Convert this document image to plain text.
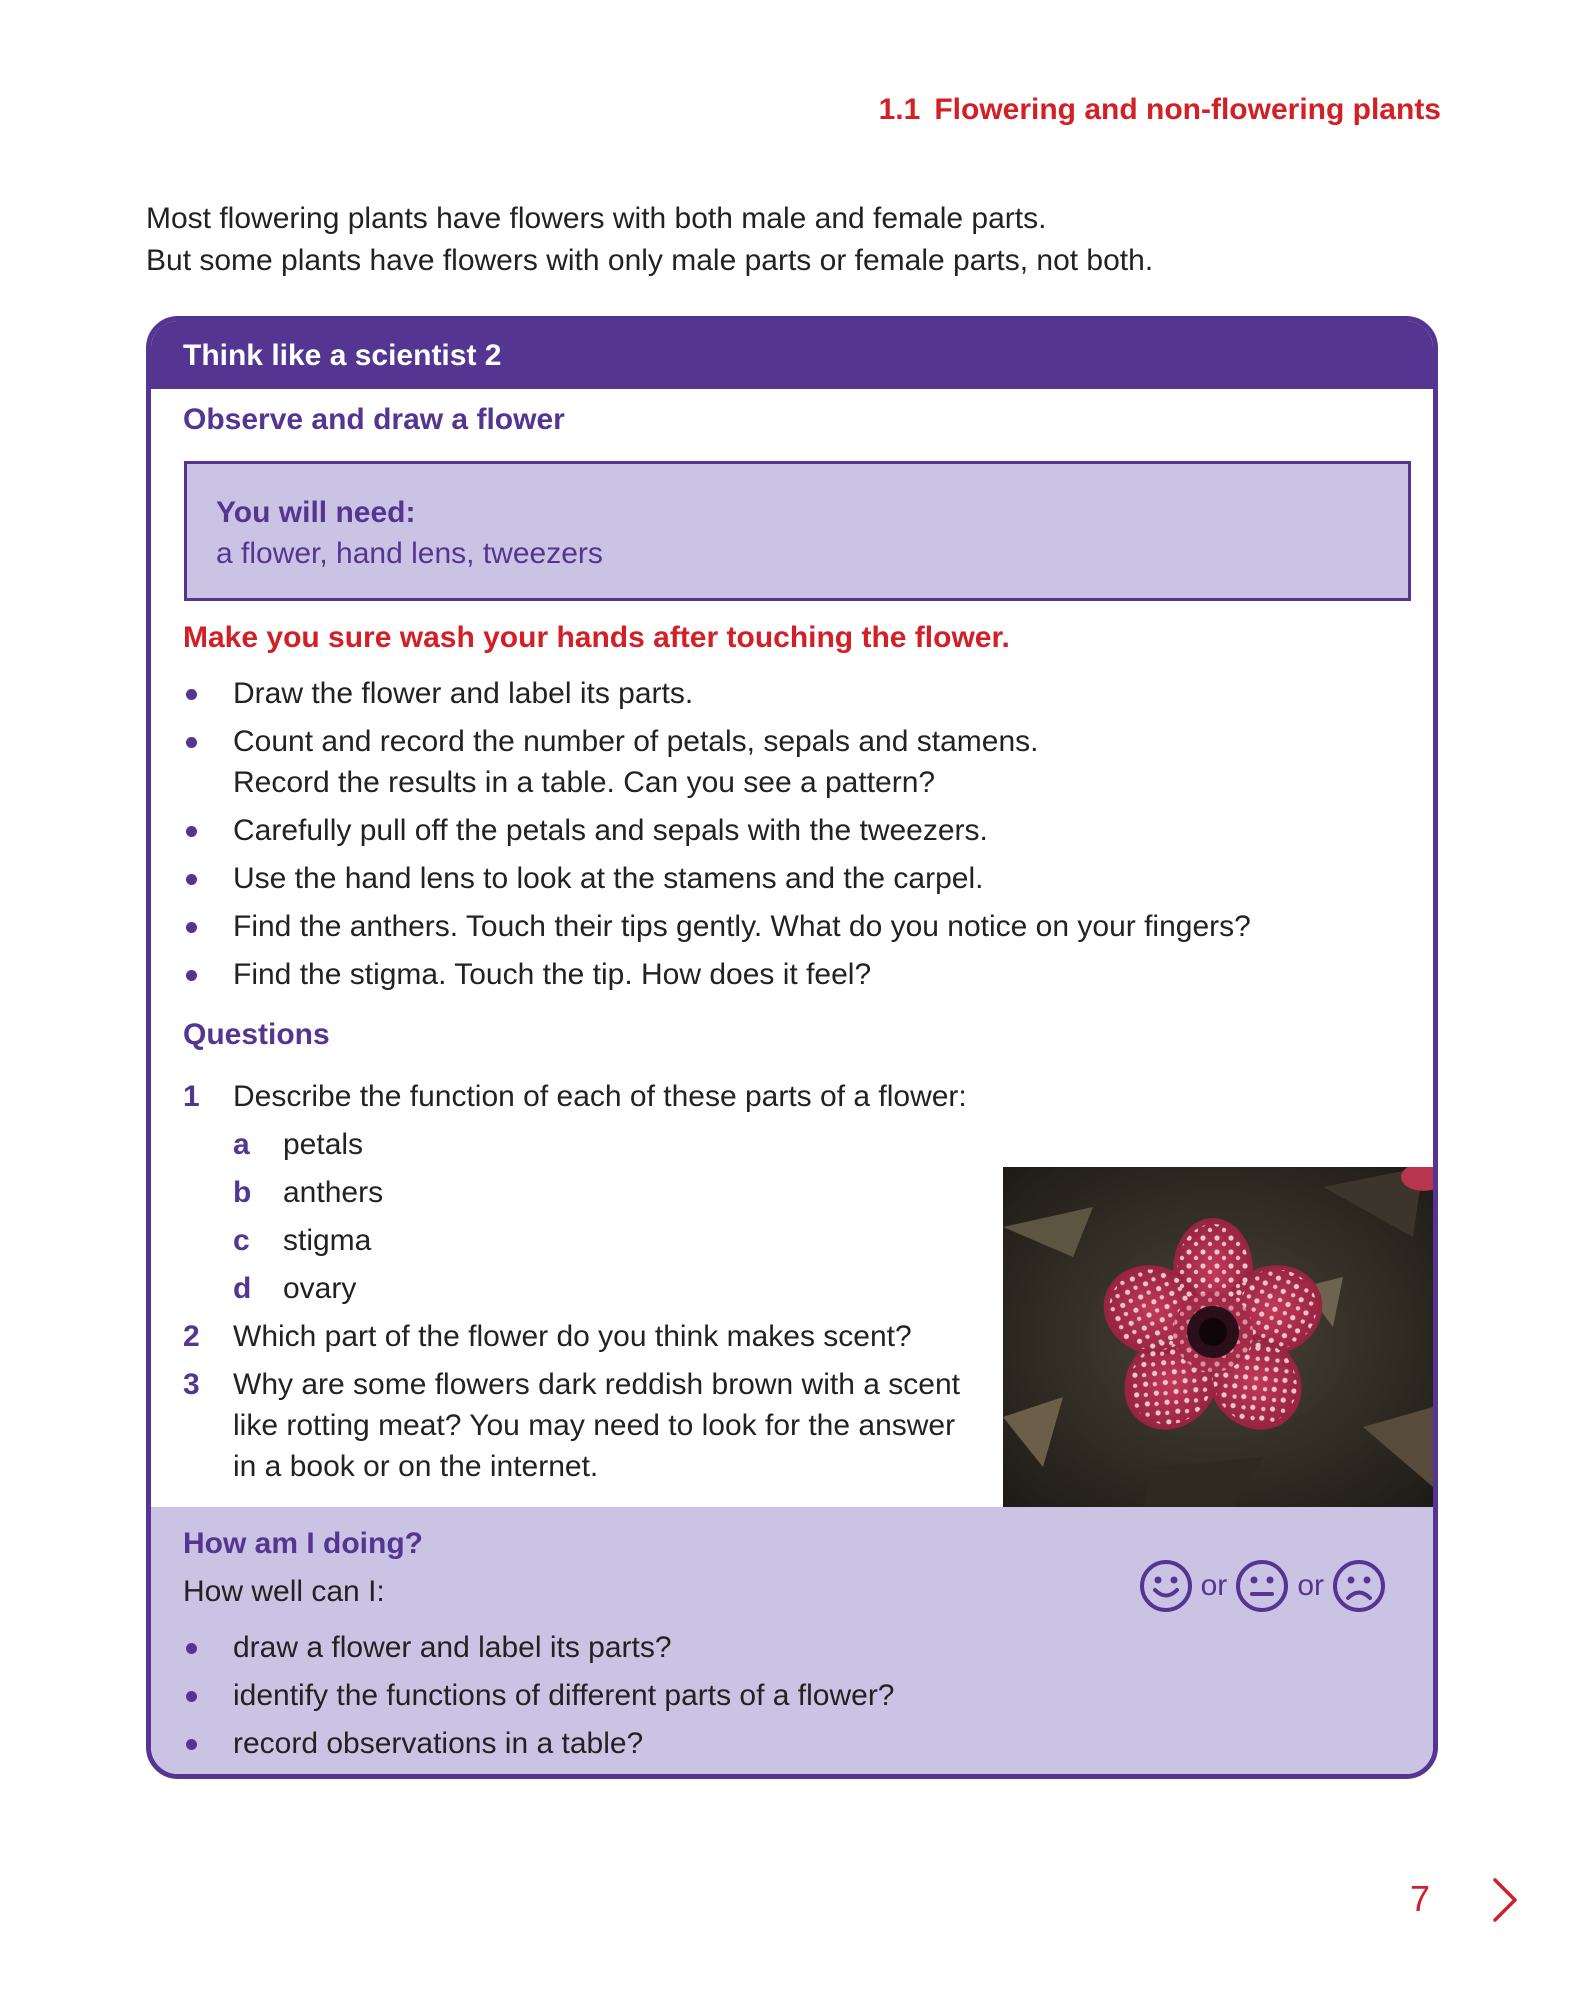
1.1 Flowering and non-flowering plants

Most flowering plants have flowers with both male and female parts.

But some plants have flowers with only male parts or female parts, not both.

Think like a scientist 2
Observe and draw a flower
You will need:
a flower, hand lens, tweezers
Make you sure wash your hands after touching the flower.
Draw the flower and label its parts.
Count and record the number of petals, sepals and stamens.
Record the results in a table. Can you see a pattern?
Carefully pull off the petals and sepals with the tweezers.
Use the hand lens to look at the stamens and the carpel.
Find the anthers. Touch their tips gently. What do you notice on your fingers?
Find the stigma. Touch the tip. How does it feel?
Questions
1 Describe the function of each of these parts of a flower:
a petals
b anthers
c stigma
d ovary
2 Which part of the flower do you think makes scent?
3 Why are some flowers dark reddish brown with a scent like rotting meat? You may need to look for the answer in a book or on the internet.
How am I doing?
How well can I:	or or
draw a flower and label its parts?
identify the functions of different parts of a flower?
record observations in a table?
7
